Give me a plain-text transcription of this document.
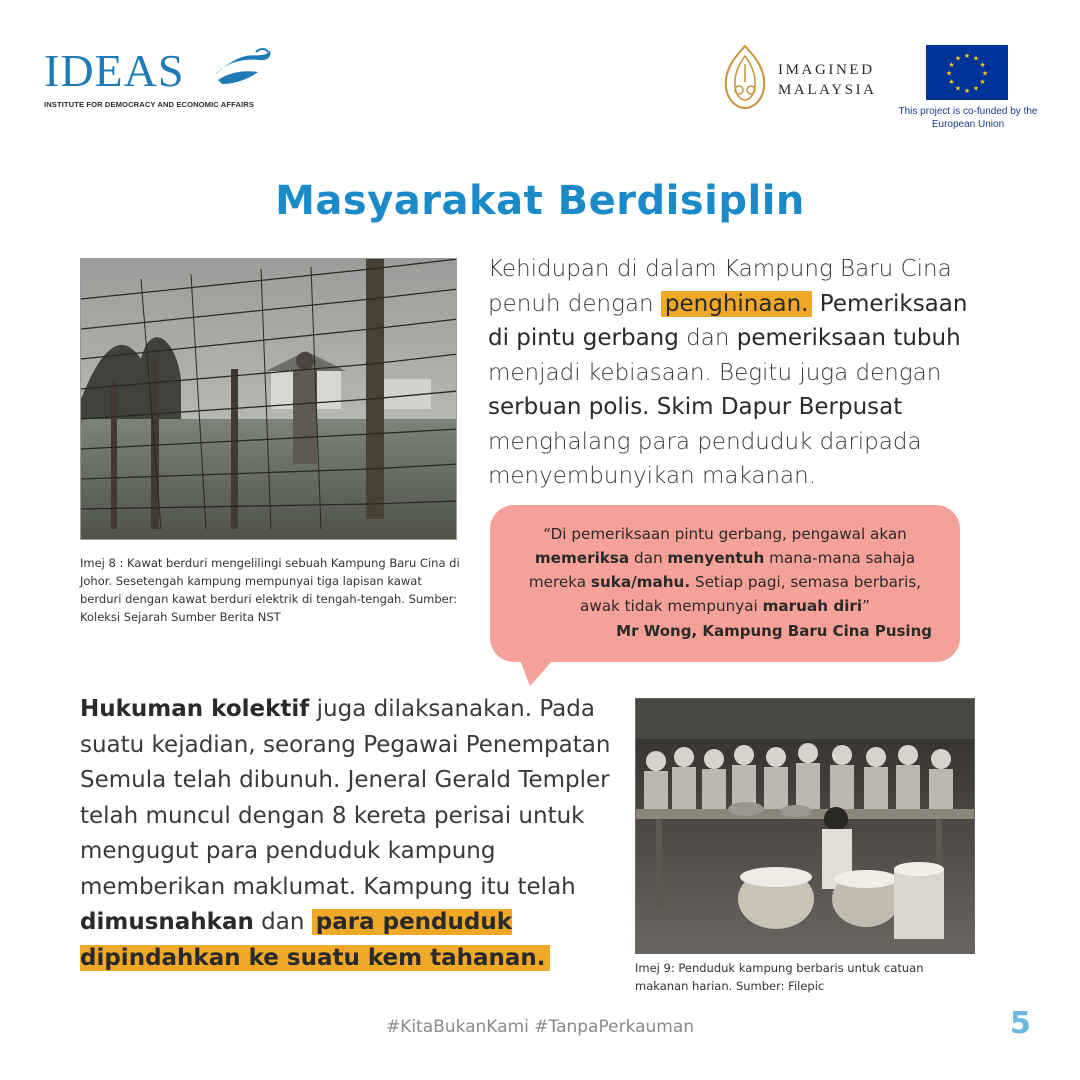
IDEAS
INSTITUTE FOR DEMOCRACY AND ECONOMIC AFFAIRS
IMAGINED
MALAYSIA
★ ★
★
★
★
★
★
★
★
★
★
★
This project is co-funded by the European Union
Masyarakat Berdisiplin
Imej 8 : Kawat berduri mengelilingi sebuah Kampung Baru Cina di Johor. Sesetengah kampung mempunyai tiga lapisan kawat berduri dengan kawat berduri elektrik di tengah-tengah. Sumber: Koleksi Sejarah Sumber Berita NST
Kehidupan di dalam Kampung Baru Cina penuh dengan penghinaan. Pemeriksaan di pintu gerbang dan pemeriksaan tubuh menjadi kebiasaan. Begitu juga dengan serbuan polis. Skim Dapur Berpusat menghalang para penduduk daripada menyembunyikan makanan.
“Di pemeriksaan pintu gerbang, pengawal akan memeriksa dan menyentuh mana-mana sahaja mereka suka/mahu. Setiap pagi, semasa berbaris, awak tidak mempunyai maruah diri”
Mr Wong, Kampung Baru Cina Pusing
Hukuman kolektif juga dilaksanakan. Pada suatu kejadian, seorang Pegawai Penempatan Semula telah dibunuh. Jeneral Gerald Templer telah muncul dengan 8 kereta perisai untuk mengugut para penduduk kampung memberikan maklumat. Kampung itu telah dimusnahkan dan para penduduk dipindahkan ke suatu kem tahanan.	Imej 9: Penduduk kampung berbaris untuk catuan makanan harian. Sumber: Filepic
#KitaBukanKami #TanpaPerkauman	5
